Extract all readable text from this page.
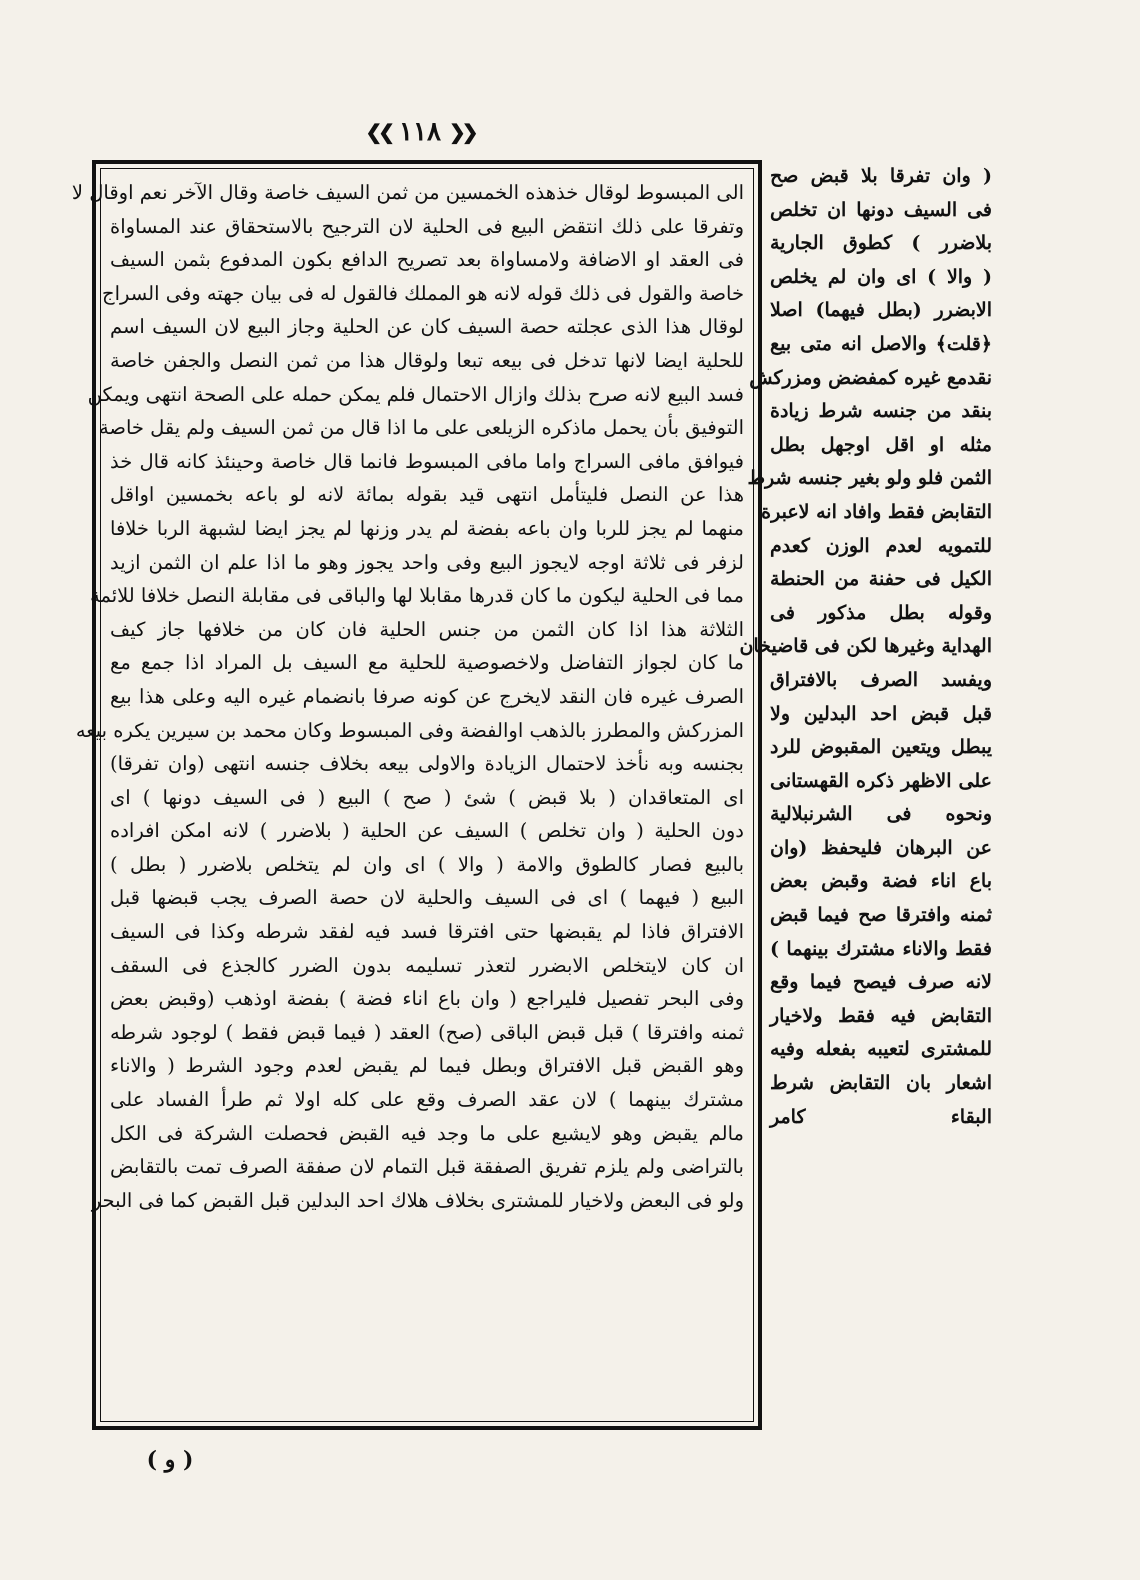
❮❮ ١١٨ ❯❯

الى المبسوط لوقال خذهذه الخمسين من ثمن السيف خاصة وقال الآخر نعم اوقال لا

وتفرقا على ذلك انتقض البيع فى الحلية لان الترجيح بالاستحقاق عند المساواة

فى العقد او الاضافة ولامساواة بعد تصريح الدافع بكون المدفوع بثمن السيف

خاصة والقول فى ذلك قوله لانه هو المملك فالقول له فى بيان جهته وفى السراج

لوقال هذا الذى عجلته حصة السيف كان عن الحلية وجاز البيع لان السيف اسم

للحلية ايضا لانها تدخل فى بيعه تبعا ولوقال هذا من ثمن النصل والجفن خاصة

فسد البيع لانه صرح بذلك وازال الاحتمال فلم يمكن حمله على الصحة انتهى ويمكن

التوفيق بأن يحمل ماذكره الزيلعى على ما اذا قال من ثمن السيف ولم يقل خاصة

فيوافق مافى السراج واما مافى المبسوط فانما قال خاصة وحينئذ كانه قال خذ

هذا عن النصل فليتأمل انتهى قيد بقوله بمائة لانه لو باعه بخمسين اواقل

منهما لم يجز للربا وان باعه بفضة لم يدر وزنها لم يجز ايضا لشبهة الربا خلافا

لزفر فى ثلاثة اوجه لايجوز البيع وفى واحد يجوز وهو ما اذا علم ان الثمن ازيد

مما فى الحلية ليكون ما كان قدرها مقابلا لها والباقى فى مقابلة النصل خلافا للائمة

الثلاثة هذا اذا كان الثمن من جنس الحلية فان كان من خلافها جاز كيف

ما كان لجواز التفاضل ولاخصوصية للحلية مع السيف بل المراد اذا جمع مع

الصرف غيره فان النقد لايخرج عن كونه صرفا بانضمام غيره اليه وعلى هذا بيع

المزركش والمطرز بالذهب اوالفضة وفى المبسوط وكان محمد بن سيرين يكره بيعه

بجنسه وبه نأخذ لاحتمال الزيادة والاولى بيعه بخلاف جنسه انتهى (وان تفرقا)

اى المتعاقدان ( بلا قبض ) شئ ( صح ) البيع ( فى السيف دونها ) اى

دون الحلية ( وان تخلص ) السيف عن الحلية ( بلاضرر ) لانه امكن افراده

بالبيع فصار كالطوق والامة ( والا ) اى وان لم يتخلص بلاضرر ( بطل )

البيع ( فيهما ) اى فى السيف والحلية لان حصة الصرف يجب قبضها قبل

الافتراق فاذا لم يقبضها حتى افترقا فسد فيه لفقد شرطه وكذا فى السيف

ان كان لايتخلص الابضرر لتعذر تسليمه بدون الضرر كالجذع فى السقف

وفى البحر تفصيل فليراجع ( وان باع اناء فضة ) بفضة اوذهب (وقبض بعض

ثمنه وافترقا ) قبل قبض الباقى (صح) العقد ( فيما قبض فقط ) لوجود شرطه

وهو القبض قبل الافتراق وبطل فيما لم يقبض لعدم وجود الشرط ( والاناء

مشترك بينهما ) لان عقد الصرف وقع على كله اولا ثم طرأ الفساد على

مالم يقبض وهو لايشيع على ما وجد فيه القبض فحصلت الشركة فى الكل

بالتراضى ولم يلزم تفريق الصفقة قبل التمام لان صفقة الصرف تمت بالتقابض

ولو فى البعض ولاخيار للمشترى بخلاف هلاك احد البدلين قبل القبض كما فى البحر

( وان تفرقا بلا قبض صح

فى السيف دونها ان تخلص

بلاضرر ) كطوق الجارية

( والا ) اى وان لم يخلص

الابضرر (بطل فيهما) اصلا

﴿قلت﴾ والاصل انه متى بيع

نقدمع غيره كمفضض ومزركش

بنقد من جنسه شرط زيادة

مثله او اقل اوجهل بطل

الثمن فلو ولو بغير جنسه شرط

التقابض فقط وافاد انه لاعبرة

للتمويه لعدم الوزن كعدم

الكيل فى حفنة من الحنطة

وقوله بطل مذكور فى

الهداية وغيرها لكن فى قاضيخان

ويفسد الصرف بالافتراق

قبل قبض احد البدلين ولا

يبطل ويتعين المقبوض للرد

على الاظهر ذكره القهستانى

ونحوه فى الشرنبلالية

عن البرهان فليحفظ (وان

باع اناء فضة وقبض بعض

ثمنه وافترقا صح فيما قبض

فقط والاناء مشترك بينهما )

لانه صرف فيصح فيما وقع

التقابض فيه فقط ولاخيار

للمشترى لتعيبه بفعله وفيه

اشعار بان التقابض شرط

البقاء كامر

( و )
